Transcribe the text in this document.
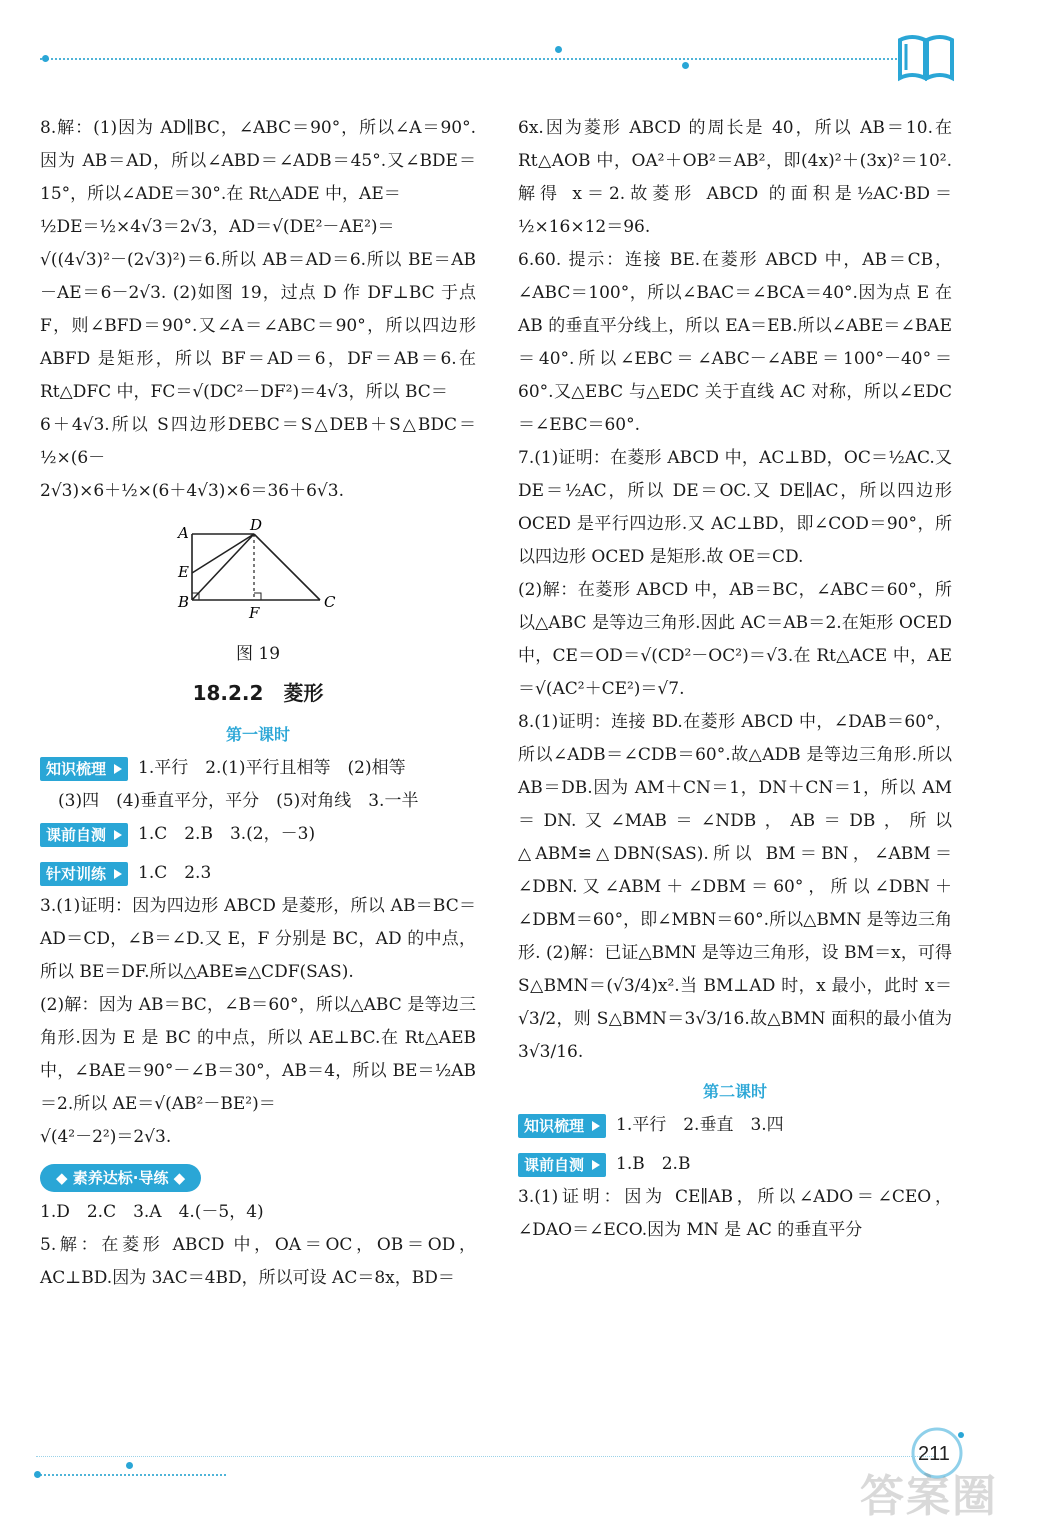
8.解：(1)因为 AD∥BC，∠ABC＝90°，所以∠A＝90°.因为 AB＝AD，所以∠ABD＝∠ADB＝45°.又∠BDE＝15°，所以∠ADE＝30°.在 Rt△ADE 中，AE＝

½DE＝½×4√3＝2√3，AD＝√(DE²－AE²)＝

√((4√3)²－(2√3)²)＝6.所以 AB＝AD＝6.所以 BE＝AB－AE＝6－2√3. (2)如图 19，过点 D 作 DF⊥BC 于点 F，则∠BFD＝90°.又∠A＝∠ABC＝90°，所以四边形 ABFD 是矩形，所以 BF＝AD＝6，DF＝AB＝6.在 Rt△DFC 中，FC＝√(DC²－DF²)＝4√3，所以 BC＝

6＋4√3.所以 S四边形DEBC＝S△DEB＋S△BDC＝½×(6－

2√3)×6＋½×(6＋4√3)×6＝36＋6√3.

A	D
E
B
F
C
图 19
18.2.2　菱形
第一课时
知识梳理	1.平行　2.(1)平行且相等　(2)相等

(3)四　(4)垂直平分，平分　(5)对角线　3.一半

课前自测	1.C　2.B　3.(2，－3)
针对训练	1.C　2.3

3.(1)证明：因为四边形 ABCD 是菱形，所以 AB＝BC＝AD＝CD，∠B＝∠D.又 E，F 分别是 BC，AD 的中点，所以 BE＝DF.所以△ABE≌△CDF(SAS).

(2)解：因为 AB＝BC，∠B＝60°，所以△ABC 是等边三角形.因为 E 是 BC 的中点，所以 AE⊥BC.在 Rt△AEB 中，∠BAE＝90°－∠B＝30°，AB＝4，所以 BE＝½AB＝2.所以 AE＝√(AB²－BE²)＝

√(4²－2²)＝2√3.

◆ 素养达标·导练 ◆

1.D　2.C　3.A　4.(－5，4)

5.解：在菱形 ABCD 中，OA＝OC，OB＝OD，AC⊥BD.因为 3AC＝4BD，所以可设 AC＝8x，BD＝

6x.因为菱形 ABCD 的周长是 40，所以 AB＝10.在 Rt△AOB 中，OA²＋OB²＝AB²，即(4x)²＋(3x)²＝10².解得 x＝2.故菱形 ABCD 的面积是½AC·BD＝½×16×12＝96.

6.60. 提示：连接 BE.在菱形 ABCD 中，AB＝CB，∠ABC＝100°，所以∠BAC＝∠BCA＝40°.因为点 E 在 AB 的垂直平分线上，所以 EA＝EB.所以∠ABE＝∠BAE＝40°.所以∠EBC＝∠ABC－∠ABE＝100°－40°＝60°.又△EBC 与△EDC 关于直线 AC 对称，所以∠EDC＝∠EBC＝60°.

7.(1)证明：在菱形 ABCD 中，AC⊥BD，OC＝½AC.又 DE＝½AC，所以 DE＝OC.又 DE∥AC，所以四边形 OCED 是平行四边形.又 AC⊥BD，即∠COD＝90°，所以四边形 OCED 是矩形.故 OE＝CD.

(2)解：在菱形 ABCD 中，AB＝BC，∠ABC＝60°，所以△ABC 是等边三角形.因此 AC＝AB＝2.在矩形 OCED 中，CE＝OD＝√(CD²－OC²)＝√3.在 Rt△ACE 中，AE＝√(AC²＋CE²)＝√7.

8.(1)证明：连接 BD.在菱形 ABCD 中，∠DAB＝60°，所以∠ADB＝∠CDB＝60°.故△ADB 是等边三角形.所以 AB＝DB.因为 AM＋CN＝1，DN＋CN＝1，所以 AM＝DN.又∠MAB＝∠NDB，AB＝DB，所以△ABM≌△DBN(SAS).所以 BM＝BN，∠ABM＝∠DBN.又∠ABM＋∠DBM＝60°，所以∠DBN＋∠DBM＝60°，即∠MBN＝60°.所以△BMN 是等边三角形. (2)解：已证△BMN 是等边三角形，设 BM＝x，可得 S△BMN＝(√3/4)x².当 BM⊥AD 时，x 最小，此时 x＝√3/2，则 S△BMN＝3√3/16.故△BMN 面积的最小值为 3√3/16.

第二课时
知识梳理	1.平行　2.垂直　3.四
课前自测	1.B　2.B

3.(1)证明：因为 CE∥AB，所以∠ADO＝∠CEO，∠DAO＝∠ECO.因为 MN 是 AC 的垂直平分

211
答案圈
